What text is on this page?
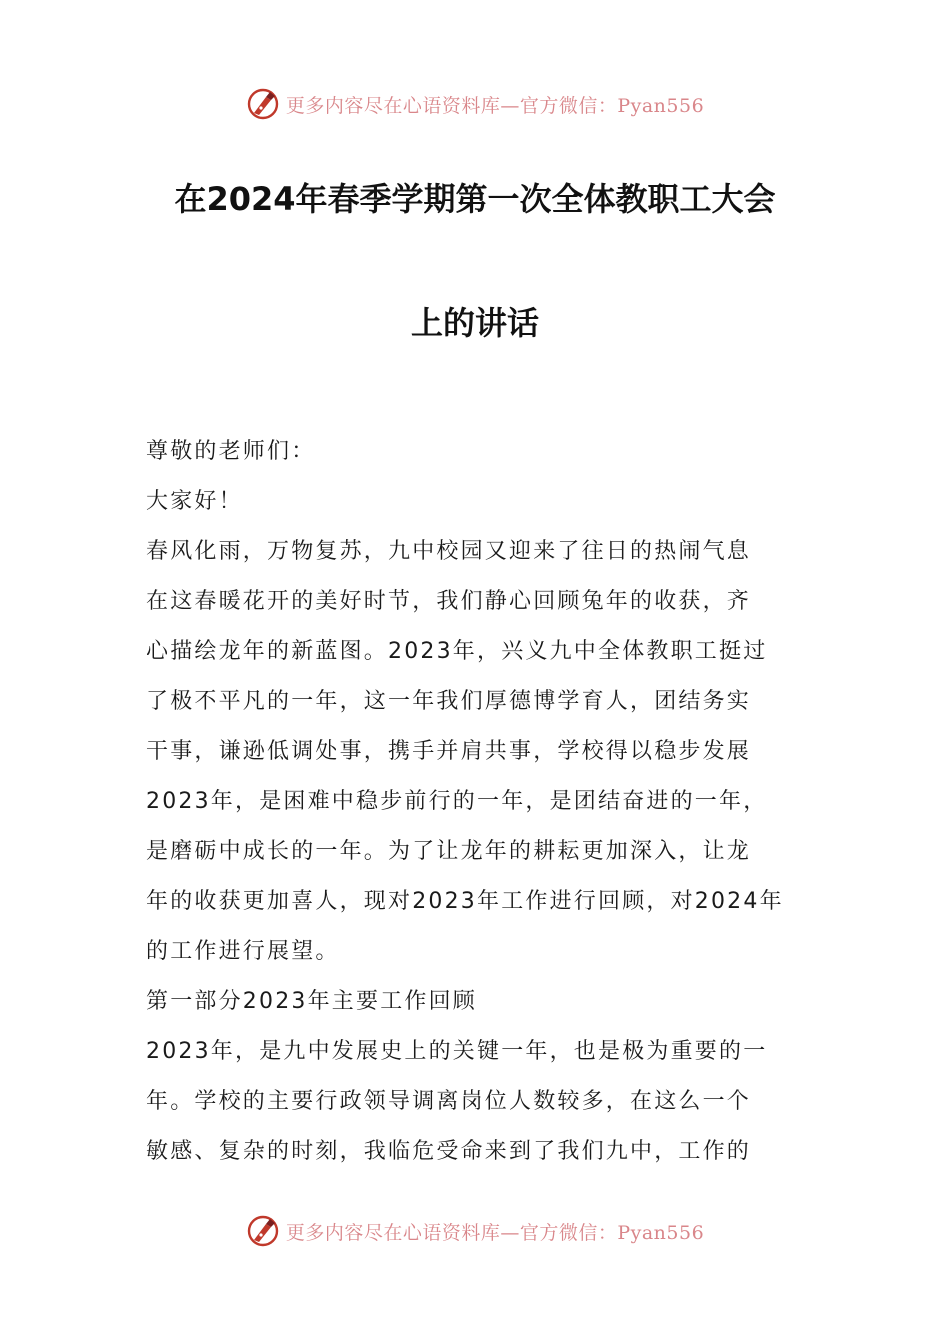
更多内容尽在心语资料库—官方微信：Pyan556
在2024年春季学期第一次全体教职工大会
上的讲话
尊敬的老师们：
大家好！
春风化雨，万物复苏，九中校园又迎来了往日的热闹气息
在这春暖花开的美好时节，我们静心回顾兔年的收获，齐
心描绘龙年的新蓝图。2023年，兴义九中全体教职工挺过
了极不平凡的一年，这一年我们厚德博学育人，团结务实
干事，谦逊低调处事，携手并肩共事，学校得以稳步发展
2023年，是困难中稳步前行的一年，是团结奋进的一年，
是磨砺中成长的一年。为了让龙年的耕耘更加深入，让龙
年的收获更加喜人，现对2023年工作进行回顾，对2024年
的工作进行展望。
第一部分2023年主要工作回顾
2023年，是九中发展史上的关键一年，也是极为重要的一
年。学校的主要行政领导调离岗位人数较多，在这么一个
敏感、复杂的时刻，我临危受命来到了我们九中，工作的
更多内容尽在心语资料库—官方微信：Pyan556
